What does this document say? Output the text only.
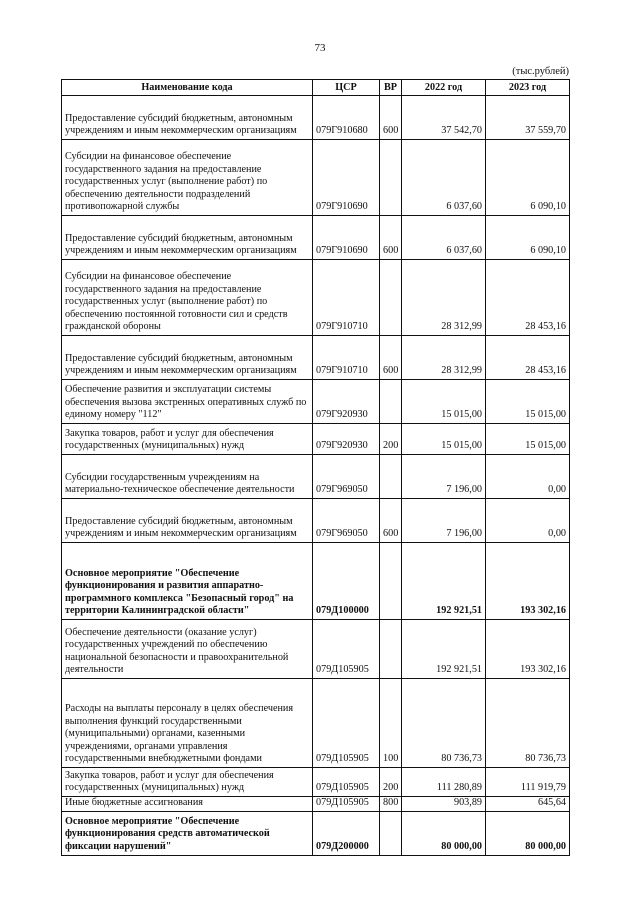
73
(тыс.рублей)
Наименование кода	ЦСР	ВР	2022 год	2023 год
Предоставление субсидий бюджетным, автономным учреждениям и иным некоммерческим организациям	079Г910680	600	37 542,70	37 559,70
Субсидии на финансовое обеспечение государственного задания на предоставление государственных услуг (выполнение работ) по обеспечению деятельности подразделений противопожарной службы	079Г910690		6 037,60	6 090,10
Предоставление субсидий бюджетным, автономным учреждениям и иным некоммерческим организациям	079Г910690	600	6 037,60	6 090,10
Субсидии на финансовое обеспечение государственного задания на предоставление государственных услуг (выполнение работ) по обеспечению постоянной готовности сил и средств гражданской обороны	079Г910710		28 312,99	28 453,16
Предоставление субсидий бюджетным, автономным учреждениям и иным некоммерческим организациям	079Г910710	600	28 312,99	28 453,16
Обеспечение развития и эксплуатации системы обеспечения вызова экстренных оперативных служб по единому номеру "112"	079Г920930		15 015,00	15 015,00
Закупка товаров, работ и услуг для обеспечения государственных (муниципальных) нужд	079Г920930	200	15 015,00	15 015,00
Субсидии государственным учреждениям на материально-техническое обеспечение деятельности	079Г969050		7 196,00	0,00
Предоставление субсидий бюджетным, автономным учреждениям и иным некоммерческим организациям	079Г969050	600	7 196,00	0,00
Основное мероприятие "Обеспечение функционирования и развития аппаратно-программного комплекса "Безопасный город" на территории Калининградской области"	079Д100000		192 921,51	193 302,16
Обеспечение деятельности (оказание услуг) государственных учреждений по обеспечению национальной безопасности и правоохранительной деятельности	079Д105905		192 921,51	193 302,16
Расходы на выплаты персоналу в целях обеспечения выполнения функций государственными (муниципальными) органами, казенными учреждениями, органами управления государственными внебюджетными фондами	079Д105905	100	80 736,73	80 736,73
Закупка товаров, работ и услуг для обеспечения государственных (муниципальных) нужд	079Д105905	200	111 280,89	111 919,79
Иные бюджетные ассигнования	079Д105905	800	903,89	645,64
Основное мероприятие "Обеспечение функционирования средств автоматической фиксации нарушений"	079Д200000		80 000,00	80 000,00
